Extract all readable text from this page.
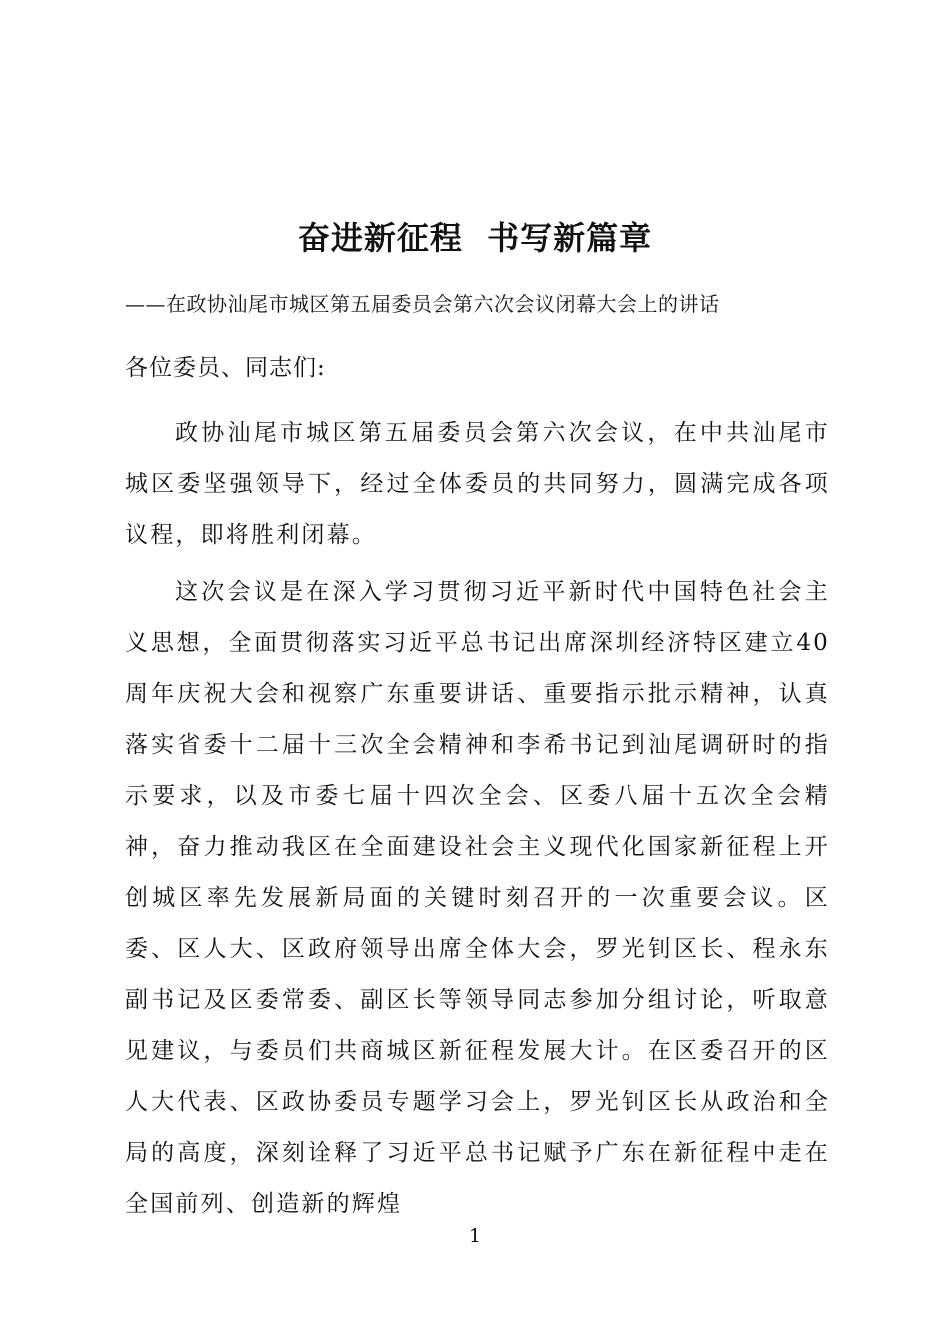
奋进新征程  书写新篇章
——在政协汕尾市城区第五届委员会第六次会议闭幕大会上的讲话
各位委员、同志们:

政协汕尾市城区第五届委员会第六次会议，在中共汕尾市城区委坚强领导下，经过全体委员的共同努力，圆满完成各项议程，即将胜利闭幕。

这次会议是在深入学习贯彻习近平新时代中国特色社会主义思想，全面贯彻落实习近平总书记出席深圳经济特区建立40周年庆祝大会和视察广东重要讲话、重要指示批示精神，认真落实省委十二届十三次全会精神和李希书记到汕尾调研时的指示要求，以及市委七届十四次全会、区委八届十五次全会精神，奋力推动我区在全面建设社会主义现代化国家新征程上开创城区率先发展新局面的关键时刻召开的一次重要会议。区委、区人大、区政府领导出席全体大会，罗光钊区长、程永东副书记及区委常委、副区长等领导同志参加分组讨论，听取意见建议，与委员们共商城区新征程发展大计。在区委召开的区人大代表、区政协委员专题学习会上，罗光钊区长从政治和全局的高度，深刻诠释了习近平总书记赋予广东在新征程中走在全国前列、创造新的辉煌

1
